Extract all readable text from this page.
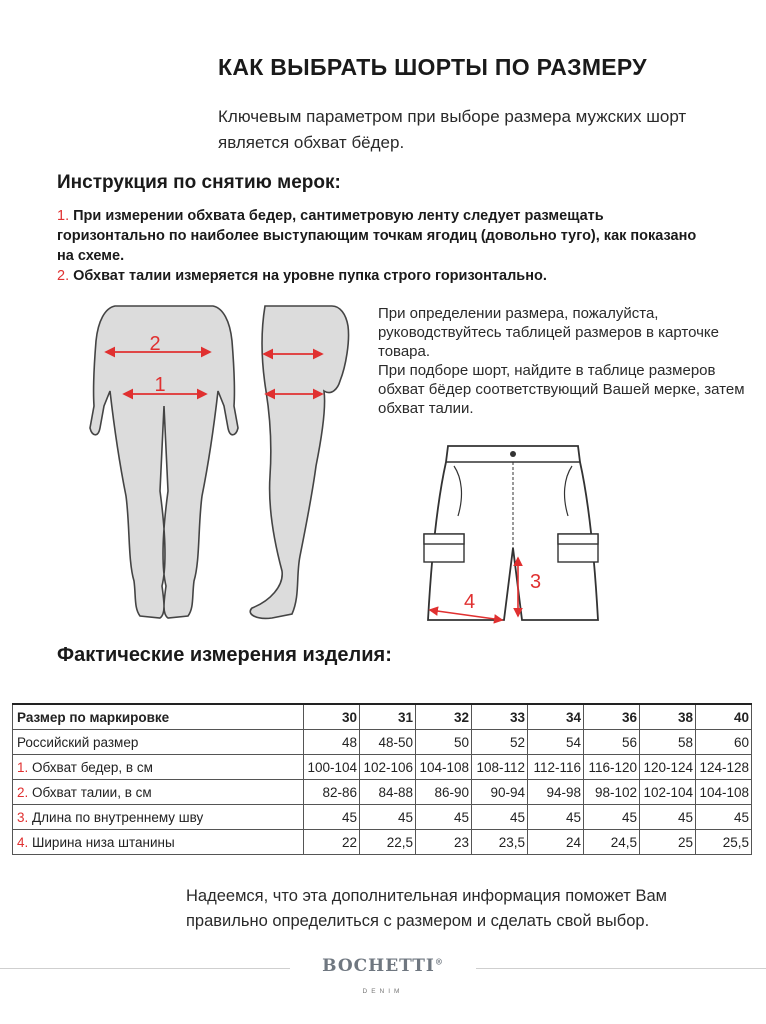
КАК ВЫБРАТЬ ШОРТЫ ПО РАЗМЕРУ
Ключевым параметром при выборе размера мужских шорт является обхват бёдер.
Инструкция по снятию мерок:
1. При измерении обхвата бедер, сантиметровую ленту следует размещать горизонтально по наиболее выступающим точкам ягодиц (довольно туго), как показано на схеме.
2. Обхват талии измеряется на уровне пупка строго горизонтально.
2
1
При определении размера, пожалуйста, руководствуйтесь таблицей размеров в карточке товара.
При подборе шорт, найдите в таблице размеров обхват бёдер соответствующий Вашей мерке, затем обхват талии.
3
4
Фактические измерения изделия:
Размер по маркировке	30	31	32	33	34	36	38	40
Российский размер	48	48-50	50	52	54	56	58	60
1. Обхват бедер, в см	100-104	102-106	104-108	108-112	112-116	116-120	120-124	124-128
2. Обхват талии, в см	82-86	84-88	86-90	90-94	94-98	98-102	102-104	104-108
3. Длина по внутреннему шву	45	45	45	45	45	45	45	45
4. Ширина низа штанины	22	22,5	23	23,5	24	24,5	25	25,5
Надеемся, что эта дополнительная информация поможет Вам правильно определиться с размером и сделать свой выбор.
BOCHETTI®
DENIM
